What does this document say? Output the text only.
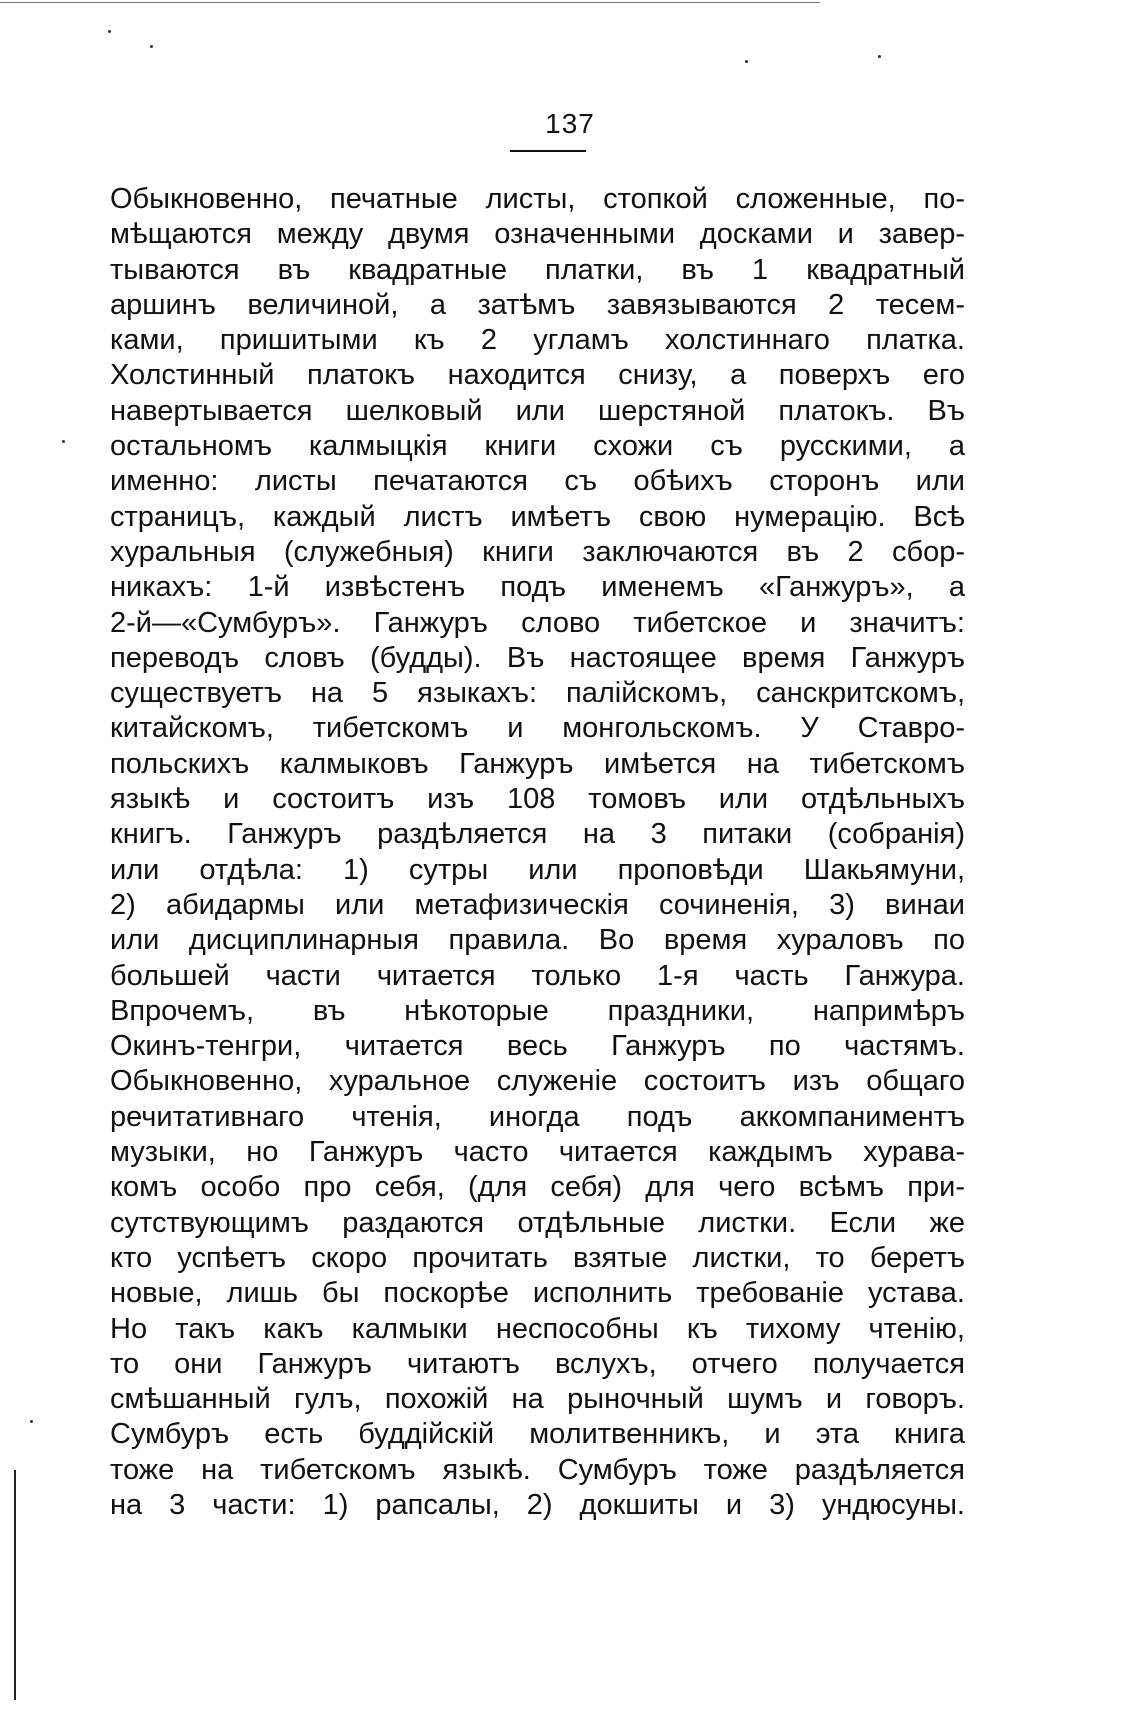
137
Обыкновенно, печатные листы, стопкой сложенные, по-
мѣщаются между двумя означенными досками и завер-
тываются въ квадратные платки, въ 1 квадратный
аршинъ величиной, а затѣмъ завязываются 2 тесем-
ками, пришитыми къ 2 угламъ холстиннаго платка.
Холстинный платокъ находится снизу, а поверхъ его
навертывается шелковый или шерстяной платокъ. Въ
остальномъ калмыцкія книги схожи съ русскими, а
именно: листы печатаются съ обѣихъ сторонъ или
страницъ, каждый листъ имѣетъ свою нумерацію. Всѣ
хуральныя (служебныя) книги заключаются въ 2 сбор-
никахъ: 1-й извѣстенъ подъ именемъ «Ганжуръ», а
2-й—«Сумбуръ». Ганжуръ слово тибетское и значитъ:
переводъ словъ (будды). Въ настоящее время Ганжуръ
существуетъ на 5 языкахъ: палійскомъ, санскритскомъ,
китайскомъ, тибетскомъ и монгольскомъ. У Ставро-
польскихъ калмыковъ Ганжуръ имѣется на тибетскомъ
языкѣ и состоитъ изъ 108 томовъ или отдѣльныхъ
книгъ. Ганжуръ раздѣляется на 3 питаки (собранія)
или отдѣла: 1) сутры или проповѣди Шакьямуни,
2) абидармы или метафизическія сочиненія, 3) винаи
или дисциплинарныя правила. Во время хураловъ по
большей части читается только 1-я часть Ганжура.
Впрочемъ, въ нѣкоторые праздники, напримѣръ
Окинъ-тенгри, читается весь Ганжуръ по частямъ.
Обыкновенно, хуральное служеніе состоитъ изъ общаго
речитативнаго чтенія, иногда подъ аккомпаниментъ
музыки, но Ганжуръ часто читается каждымъ хурава-
комъ особо про себя, (для себя) для чего всѣмъ при-
сутствующимъ раздаются отдѣльные листки. Если же
кто успѣетъ скоро прочитать взятые листки, то беретъ
новые, лишь бы поскорѣе исполнить требованіе устава.
Но такъ какъ калмыки неспособны къ тихому чтенію,
то они Ганжуръ читаютъ вслухъ, отчего получается
смѣшанный гулъ, похожій на рыночный шумъ и говоръ.
Сумбуръ есть буддійскій молитвенникъ, и эта книга
тоже на тибетскомъ языкѣ. Сумбуръ тоже раздѣляется
на 3 части: 1) рапсалы, 2) докшиты и 3) ундюсуны.
